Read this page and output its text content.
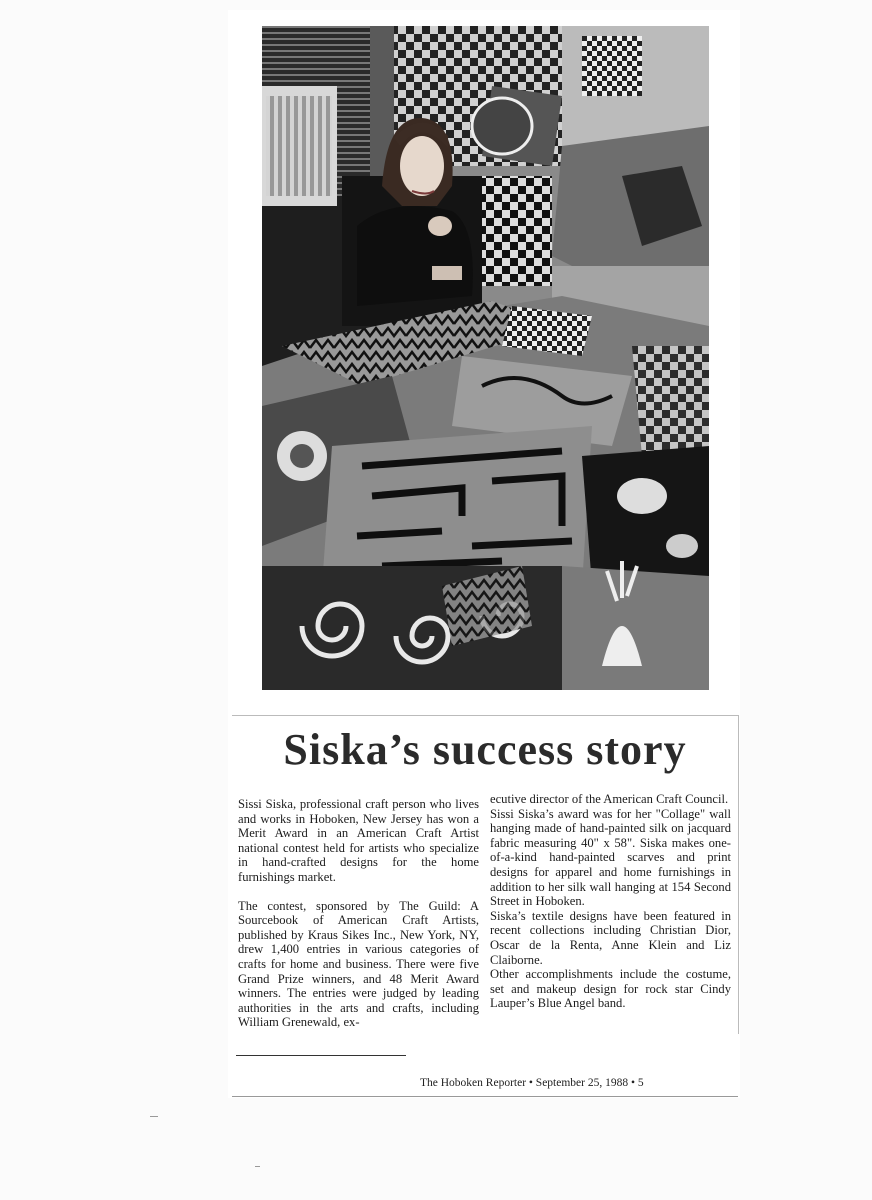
Siska’s success story

Sissi Siska, professional craft person who lives and works in Hoboken, New Jersey has won a Merit Award in an American Craft Artist national contest held for artists who specialize in hand-crafted designs for the home furnishings market.

The contest, sponsored by The Guild: A Sourcebook of American Craft Artists, published by Kraus Sikes Inc., New York, NY, drew 1,400 entries in various categories of crafts for home and business. There were five Grand Prize winners, and 48 Merit Award winners. The entries were judged by leading authorities in the arts and crafts, including William Grenewald, ex-

ecutive director of the American Craft Council.

Sissi Siska’s award was for her "Collage" wall hanging made of hand-painted silk on jacquard fabric measuring 40" x 58". Siska makes one-of-a-kind hand-painted scarves and print designs for apparel and home furnishings in addition to her silk wall hanging at 154 Second Street in Hoboken.

Siska’s textile designs have been featured in recent collections including Christian Dior, Oscar de la Renta, Anne Klein and Liz Claiborne.

Other accomplishments include the costume, set and makeup design for rock star Cindy Lauper’s Blue Angel band.

The Hoboken Reporter • September 25, 1988 • 5
